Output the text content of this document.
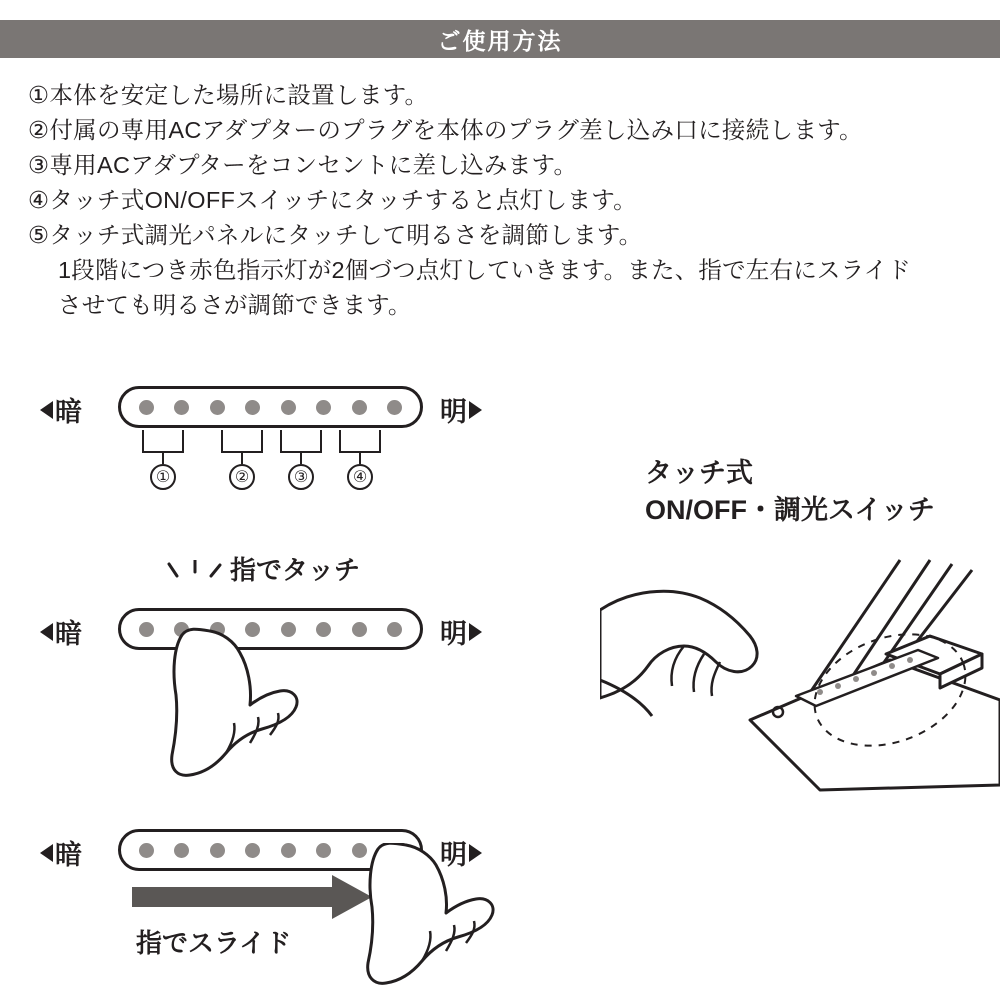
ご使用方法
①本体を安定した場所に設置します。
②付属の専用ACアダプターのプラグを本体のプラグ差し込み口に接続します。
③専用ACアダプターをコンセントに差し込みます。
④タッチ式ON/OFFスイッチにタッチすると点灯します。
⑤タッチ式調光パネルにタッチして明るさを調節します。
1段階につき赤色指示灯が2個づつ点灯していきます。また、指で左右にスライド
させても明るさが調節できます。
暗	明
①	②	③	④
指でタッチ
暗	明
暗	明
指でスライド
タッチ式
ON/OFF・調光スイッチ
